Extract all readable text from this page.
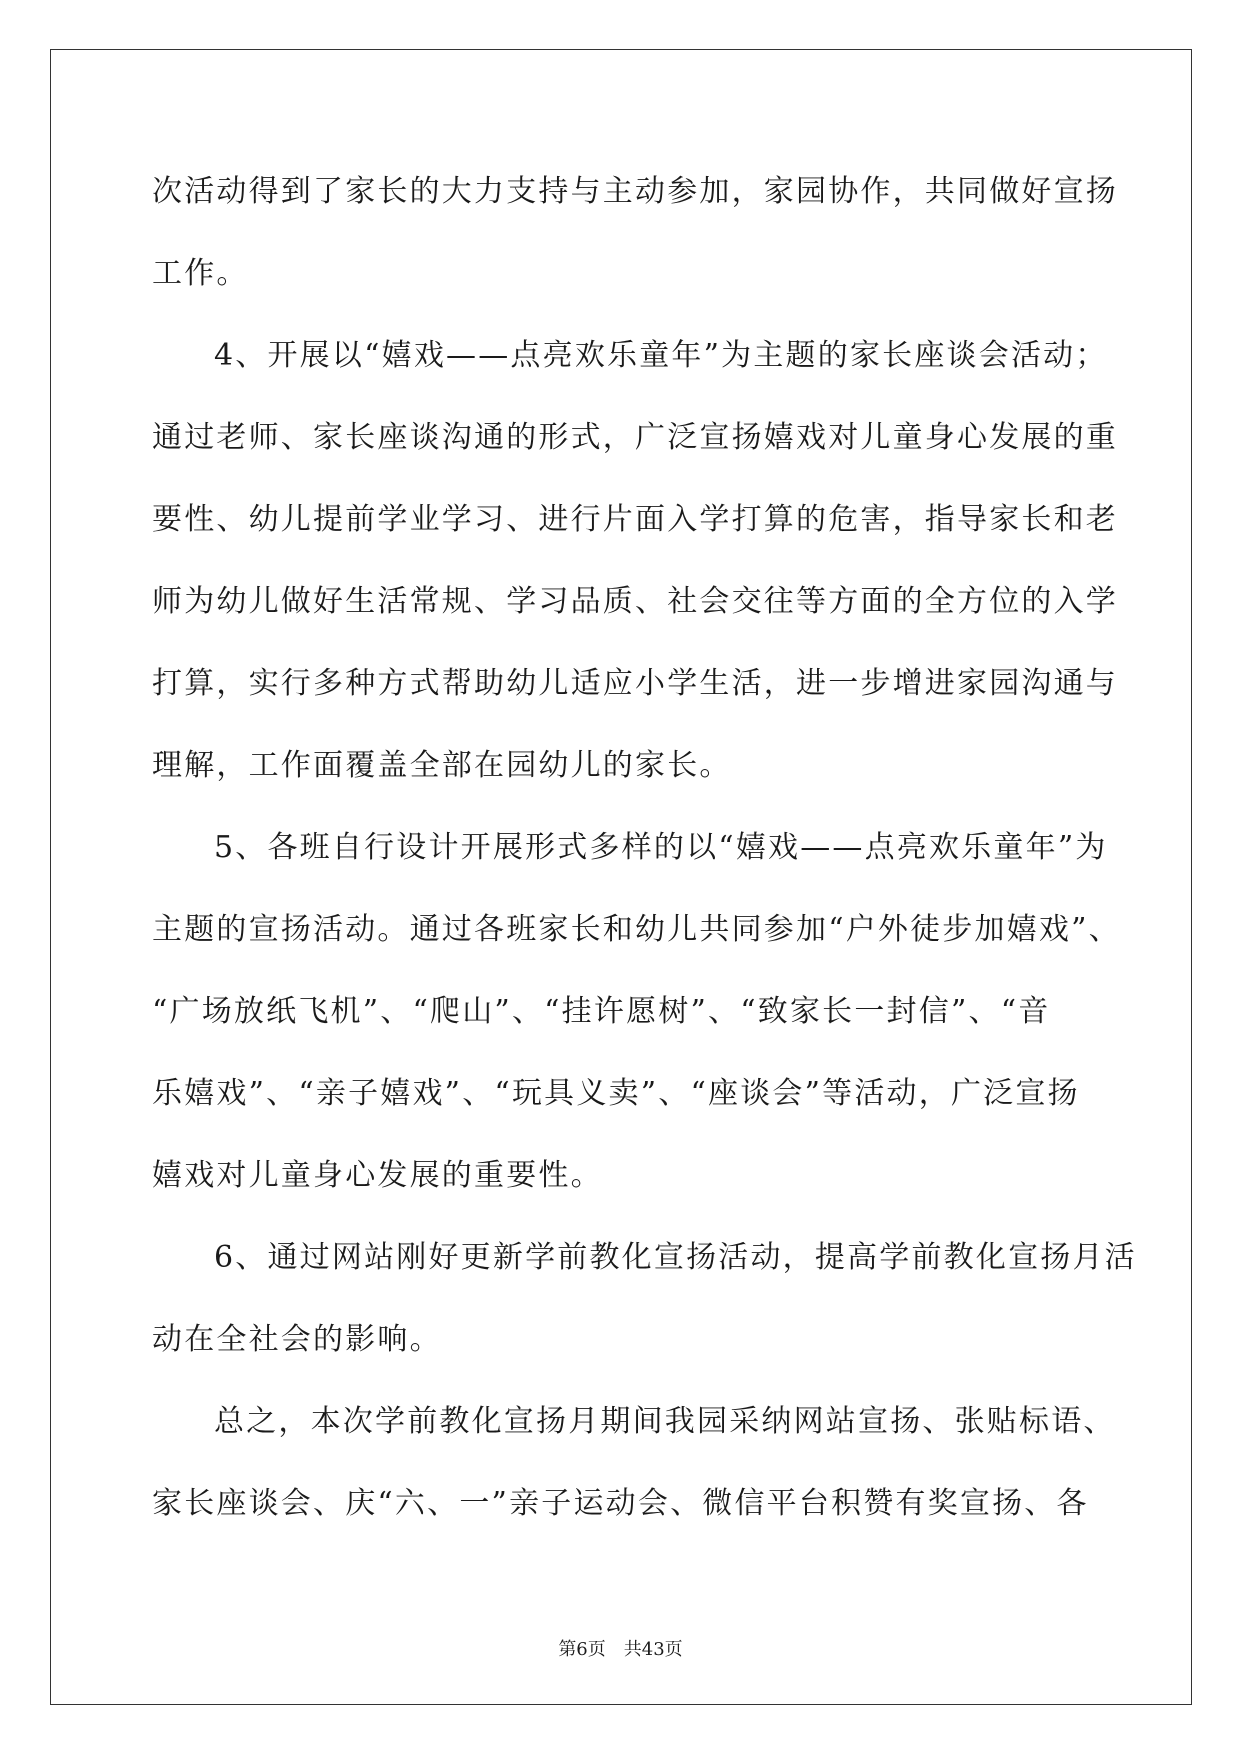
次活动得到了家长的大力支持与主动参加，家园协作，共同做好宣扬
工作。
4、开展以“嬉戏——点亮欢乐童年”为主题的家长座谈会活动；
通过老师、家长座谈沟通的形式，广泛宣扬嬉戏对儿童身心发展的重
要性、幼儿提前学业学习、进行片面入学打算的危害，指导家长和老
师为幼儿做好生活常规、学习品质、社会交往等方面的全方位的入学
打算，实行多种方式帮助幼儿适应小学生活，进一步增进家园沟通与
理解，工作面覆盖全部在园幼儿的家长。
5、各班自行设计开展形式多样的以“嬉戏——点亮欢乐童年”为
主题的宣扬活动。通过各班家长和幼儿共同参加“户外徒步加嬉戏”、
“广场放纸飞机”、“爬山”、“挂许愿树”、“致家长一封信”、“音
乐嬉戏”、“亲子嬉戏”、“玩具义卖”、“座谈会”等活动，广泛宣扬
嬉戏对儿童身心发展的重要性。
6、通过网站刚好更新学前教化宣扬活动，提高学前教化宣扬月活
动在全社会的影响。
总之，本次学前教化宣扬月期间我园采纳网站宣扬、张贴标语、
家长座谈会、庆“六、一”亲子运动会、微信平台积赞有奖宣扬、各
第6页　共43页
